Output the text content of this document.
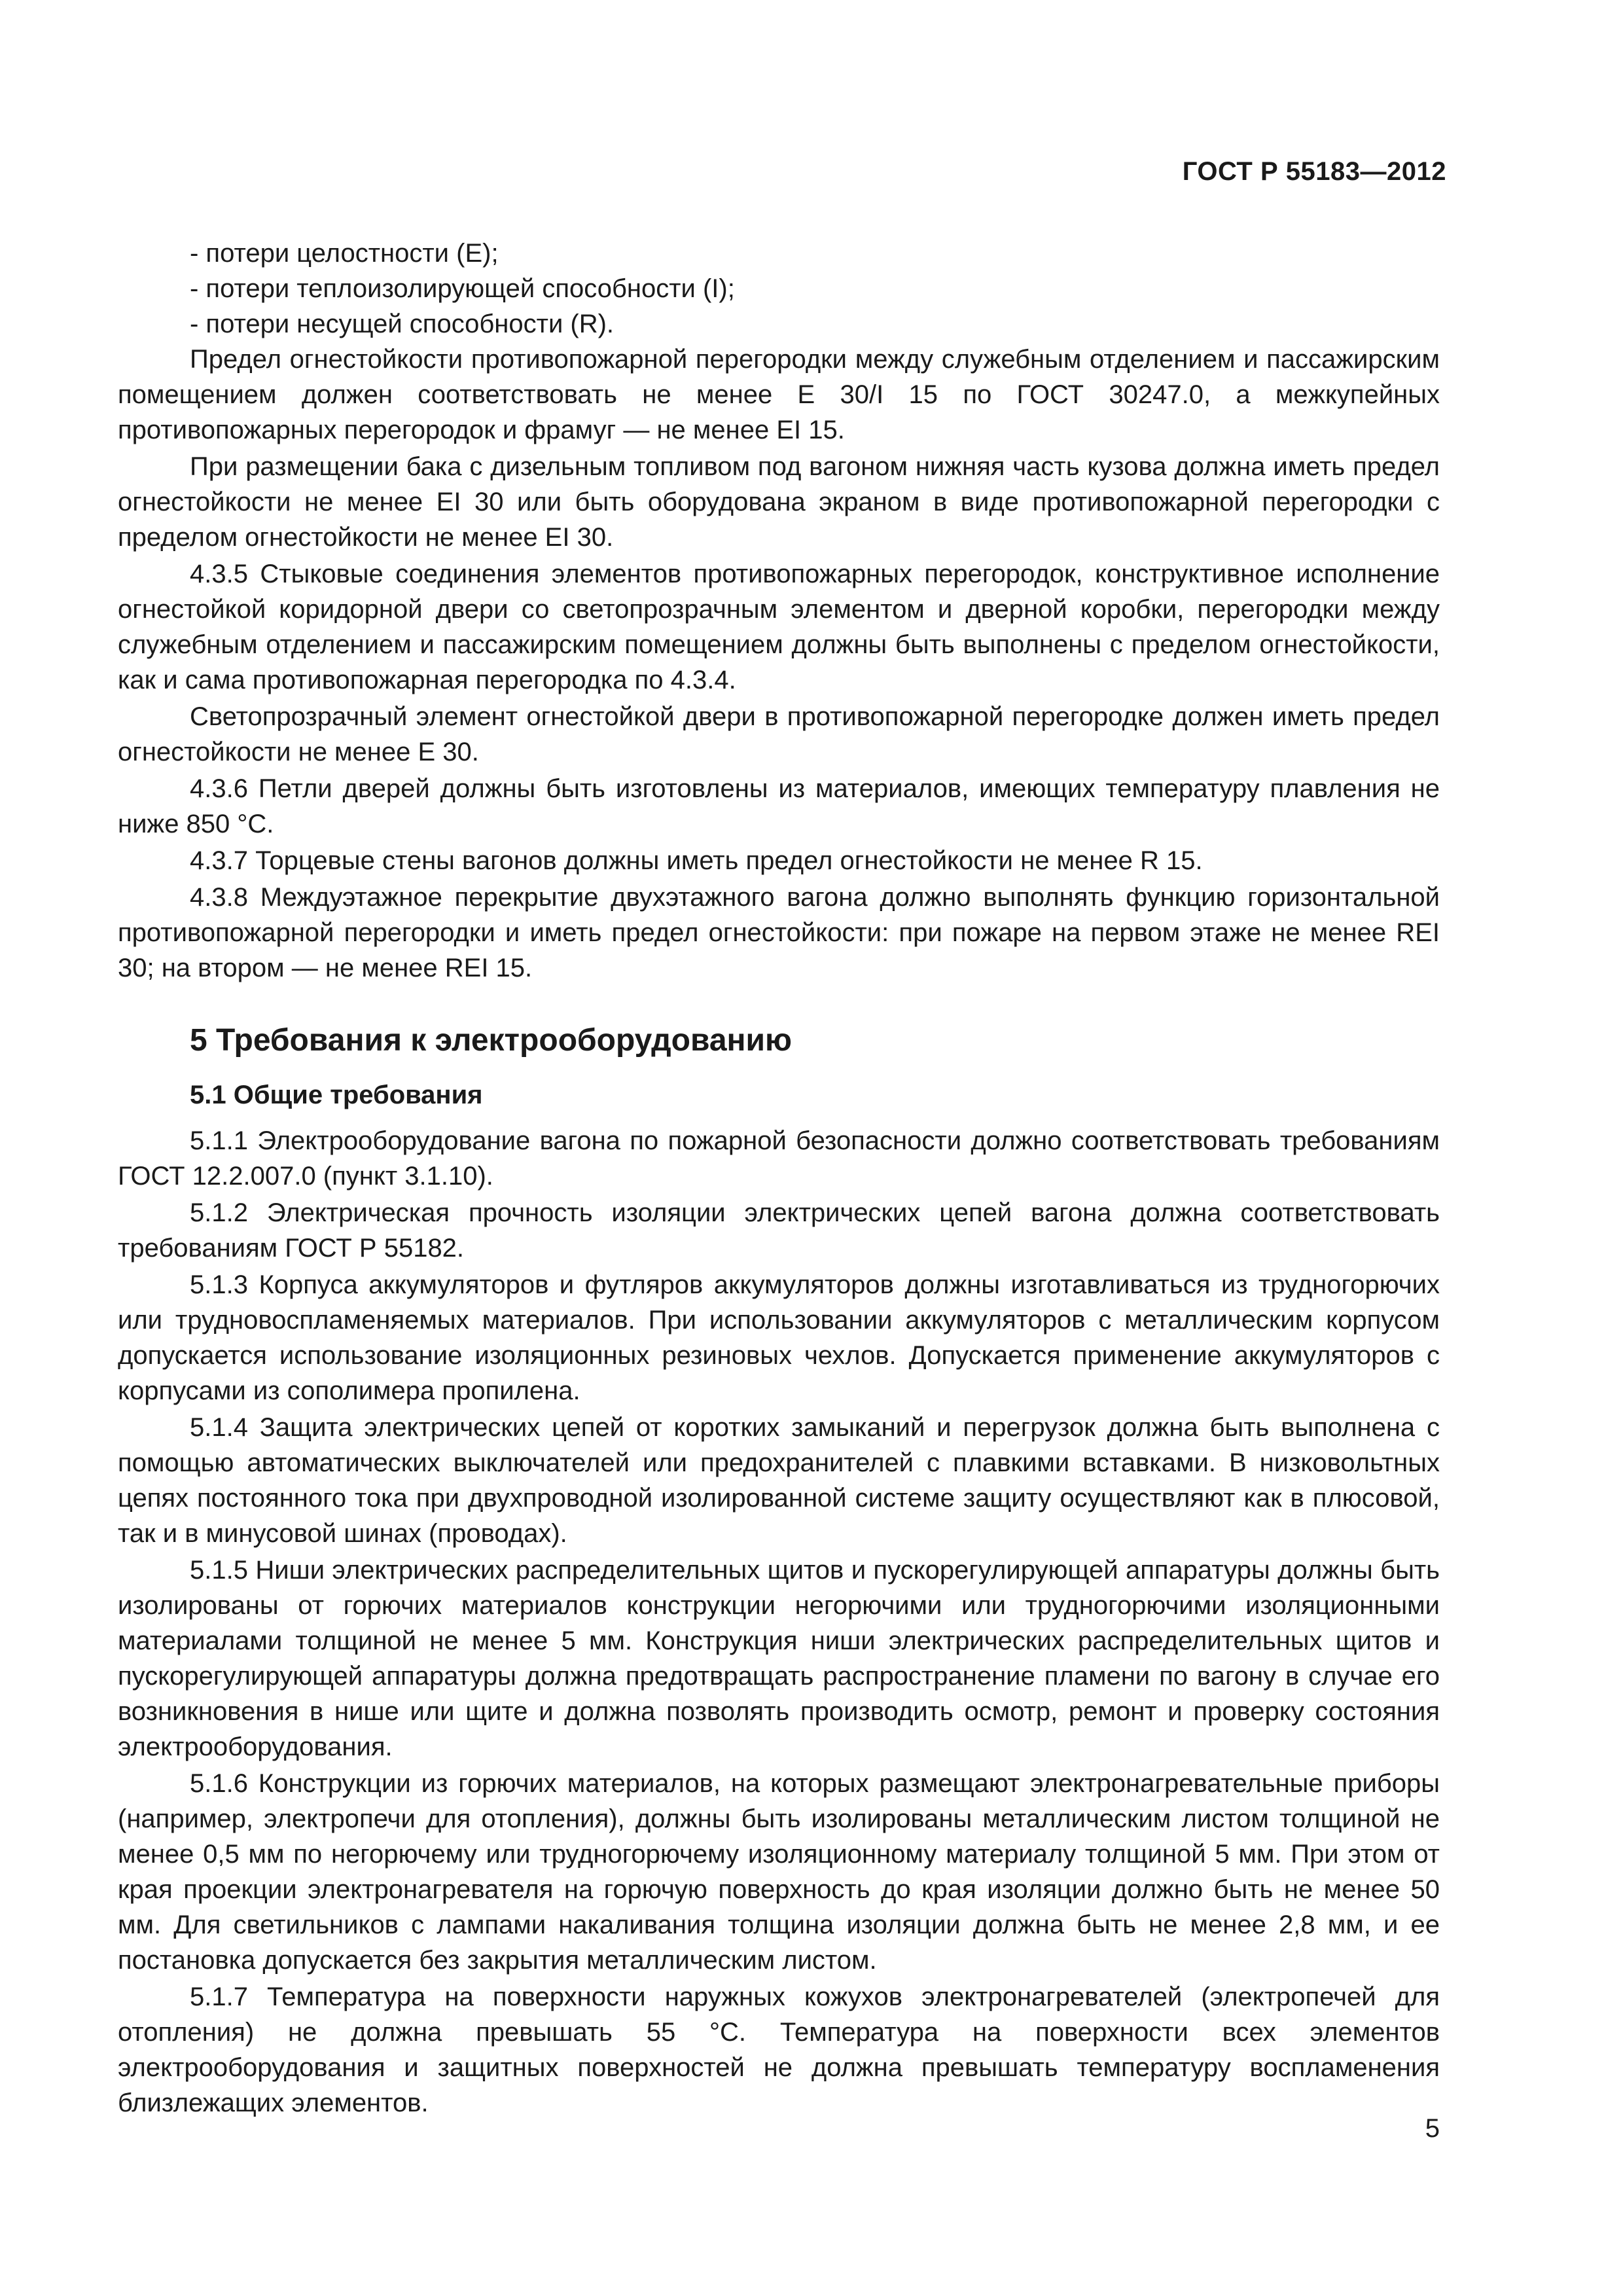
ГОСТ Р 55183—2012
- потери целостности (Е);
- потери теплоизолирующей способности (I);
- потери несущей способности (R).

Предел огнестойкости противопожарной перегородки между служебным отделением и пассажирским помещением должен соответствовать не менее Е 30/I 15 по ГОСТ 30247.0, а межкупейных противопожарных перегородок и фрамуг — не менее EI 15.

При размещении бака с дизельным топливом под вагоном нижняя часть кузова должна иметь предел огнестойкости не менее EI 30 или быть оборудована экраном в виде противопожарной перегородки с пределом огнестойкости не менее EI 30.

4.3.5 Стыковые соединения элементов противопожарных перегородок, конструктивное исполнение огнестойкой коридорной двери со светопрозрачным элементом и дверной коробки, перегородки между служебным отделением и пассажирским помещением должны быть выполнены с пределом огнестойкости, как и сама противопожарная перегородка по 4.3.4.

Светопрозрачный элемент огнестойкой двери в противопожарной перегородке должен иметь предел огнестойкости не менее Е 30.

4.3.6 Петли дверей должны быть изготовлены из материалов, имеющих температуру плавления не ниже 850 °С.

4.3.7 Торцевые стены вагонов должны иметь предел огнестойкости не менее R 15.

4.3.8 Междуэтажное перекрытие двухэтажного вагона должно выполнять функцию горизонтальной противопожарной перегородки и иметь предел огнестойкости: при пожаре на первом этаже не менее REI 30; на втором — не менее REI 15.

5 Требования к электрооборудованию
5.1 Общие требования

5.1.1 Электрооборудование вагона по пожарной безопасности должно соответствовать требованиям ГОСТ 12.2.007.0 (пункт 3.1.10).

5.1.2 Электрическая прочность изоляции электрических цепей вагона должна соответствовать требованиям ГОСТ Р 55182.

5.1.3 Корпуса аккумуляторов и футляров аккумуляторов должны изготавливаться из трудногорючих или трудновоспламеняемых материалов. При использовании аккумуляторов с металлическим корпусом допускается использование изоляционных резиновых чехлов. Допускается применение аккумуляторов с корпусами из сополимера пропилена.

5.1.4 Защита электрических цепей от коротких замыканий и перегрузок должна быть выполнена с помощью автоматических выключателей или предохранителей с плавкими вставками. В низковольтных цепях постоянного тока при двухпроводной изолированной системе защиту осуществляют как в плюсовой, так и в минусовой шинах (проводах).

5.1.5 Ниши электрических распределительных щитов и пускорегулирующей аппаратуры должны быть изолированы от горючих материалов конструкции негорючими или трудногорючими изоляционными материалами толщиной не менее 5 мм. Конструкция ниши электрических распределительных щитов и пускорегулирующей аппаратуры должна предотвращать распространение пламени по вагону в случае его возникновения в нише или щите и должна позволять производить осмотр, ремонт и проверку состояния электрооборудования.

5.1.6 Конструкции из горючих материалов, на которых размещают электронагревательные приборы (например, электропечи для отопления), должны быть изолированы металлическим листом толщиной не менее 0,5 мм по негорючему или трудногорючему изоляционному материалу толщиной 5 мм. При этом от края проекции электронагревателя на горючую поверхность до края изоляции должно быть не менее 50 мм. Для светильников с лампами накаливания толщина изоляции должна быть не менее 2,8 мм, и ее постановка допускается без закрытия металлическим листом.

5.1.7 Температура на поверхности наружных кожухов электронагревателей (электропечей для отопления) не должна превышать 55 °С. Температура на поверхности всех элементов электрооборудования и защитных поверхностей не должна превышать температуру воспламенения близлежащих элементов.

5
